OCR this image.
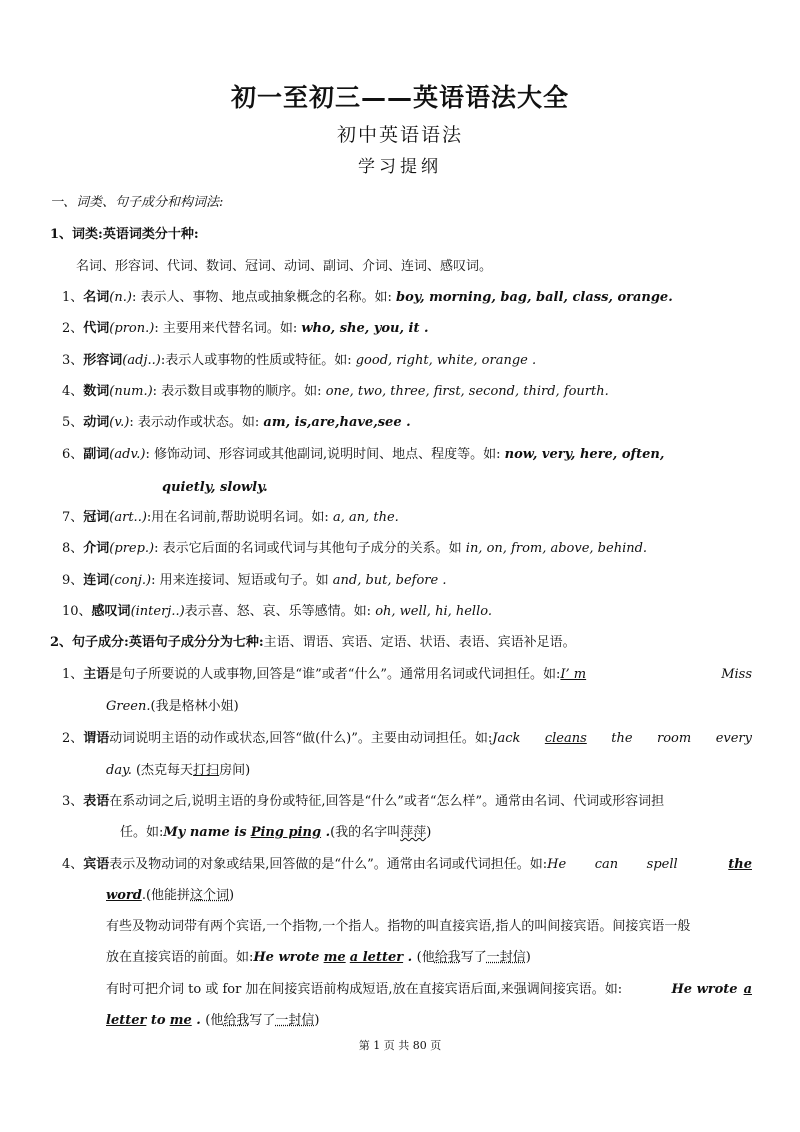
初一至初三——英语语法大全
初中英语语法
学习提纲
一、词类、句子成分和构词法:
1、词类:英语词类分十种:
名词、形容词、代词、数词、冠词、动词、副词、介词、连词、感叹词。
1、名词(n.): 表示人、事物、地点或抽象概念的名称。如: boy, morning, bag, ball, class, orange.
2、代词(pron.): 主要用来代替名词。如: who, she, you, it .
3、形容词(adj..):表示人或事物的性质或特征。如: good, right, white, orange .
4、数词(num.): 表示数目或事物的顺序。如: one, two, three, first, second, third, fourth.
5、动词(v.): 表示动作或状态。如: am, is,are,have,see .
6、副词(adv.): 修饰动词、形容词或其他副词,说明时间、地点、程度等。如: now, very, here, often,
quietly, slowly.
7、冠词(art..):用在名词前,帮助说明名词。如: a, an, the.
8、介词(prep.): 表示它后面的名词或代词与其他句子成分的关系。如 in, on, from, above, behind.
9、连词(conj.): 用来连接词、短语或句子。如 and, but, before .
10、感叹词(interj..)表示喜、怒、哀、乐等感情。如: oh, well, hi, hello.
2、句子成分:英语句子成分分为七种:主语、谓语、宾语、定语、状语、表语、宾语补足语。
1、主语是句子所要说的人或事物,回答是“谁”或者“什么”。通常用名词或代词担任。如:I’ m	Miss
Green.(我是格林小姐)
2、谓语动词说明主语的动作或状态,回答“做(什么)”。主要由动词担任。如:Jack cleans the room every
day. (杰克每天打扫房间)
3、表语在系动词之后,说明主语的身份或特征,回答是“什么”或者“怎么样”。通常由名词、代词或形容词担
任。如:My name is Ping ping .(我的名字叫萍萍)
4、宾语表示及物动词的对象或结果,回答做的是“什么”。通常由名词或代词担任。如:He can spell	the
word.(他能拼这个词)
有些及物动词带有两个宾语,一个指物,一个指人。指物的叫直接宾语,指人的叫间接宾语。间接宾语一般
放在直接宾语的前面。如:He wrote me a letter . (他给我写了一封信)
有时可把介词 to 或 for 加在间接宾语前构成短语,放在直接宾语后面,来强调间接宾语。如:	He wrote a
letter to me . (他给我写了一封信)
第 1 页 共 80 页
